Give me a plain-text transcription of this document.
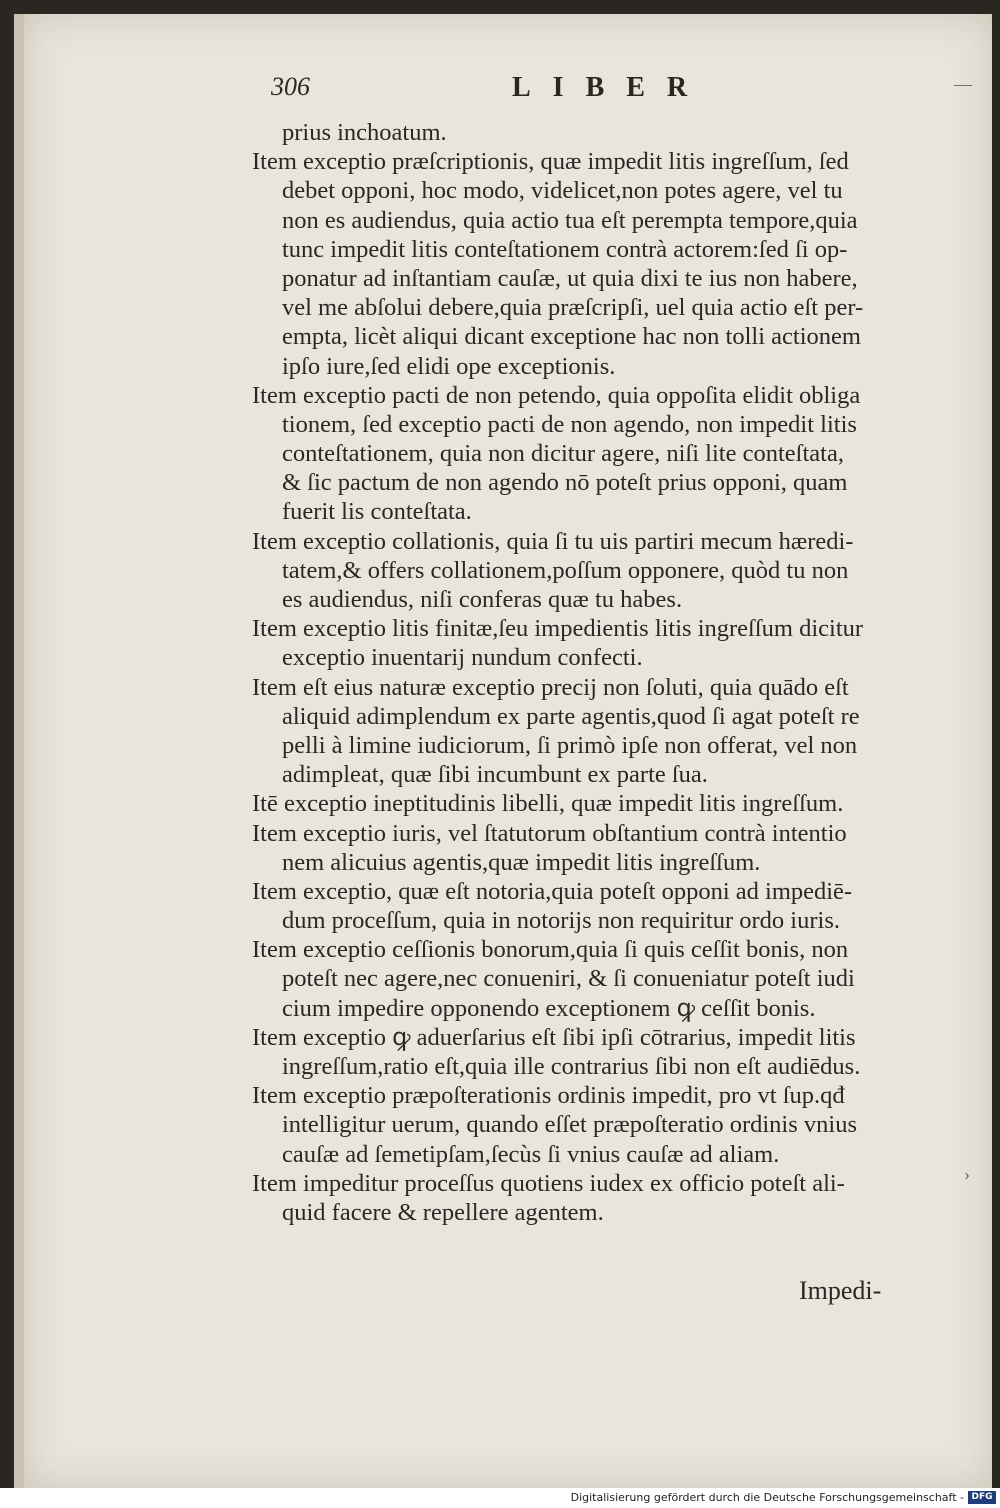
306	LIBER
prius inchoatum.
Item exceptio præſcriptionis, quæ impedit litis ingreſſum, ſed
debet opponi, hoc modo, videlicet,non potes agere, vel tu
non es audiendus, quia actio tua eſt perempta tempore,quia
tunc impedit litis conteſtationem contrà actorem:ſed ſi op-
ponatur ad inſtantiam cauſæ, ut quia dixi te ius non habere,
vel me abſolui debere,quia præſcripſi, uel quia actio eſt per-
empta, licèt aliqui dicant exceptione hac non tolli actionem
ipſo iure,ſed elidi ope exceptionis.
Item exceptio pacti de non petendo, quia oppoſita elidit obliga
tionem, ſed exceptio pacti de non agendo, non impedit litis
conteſtationem, quia non dicitur agere, niſi lite conteſtata,
& ſic pactum de non agendo nō poteſt prius opponi, quam
fuerit lis conteſtata.
Item exceptio collationis, quia ſi tu uis partiri mecum hæredi-
tatem,& offers collationem,poſſum opponere, quòd tu non
es audiendus, niſi conferas quæ tu habes.
Item exceptio litis finitæ,ſeu impedientis litis ingreſſum dicitur
exceptio inuentarij nundum confecti.
Item eſt eius naturæ exceptio precij non ſoluti, quia quādo eſt
aliquid adimplendum ex parte agentis,quod ſi agat poteſt re
pelli à limine iudiciorum, ſi primò ipſe non offerat, vel non
adimpleat, quæ ſibi incumbunt ex parte ſua.
Itē exceptio ineptitudinis libelli, quæ impedit litis ingreſſum.
Item exceptio iuris, vel ſtatutorum obſtantium contrà intentio
nem alicuius agentis,quæ impedit litis ingreſſum.
Item exceptio, quæ eſt notoria,quia poteſt opponi ad impediē-
dum proceſſum, quia in notorijs non requiritur ordo iuris.
Item exceptio ceſſionis bonorum,quia ſi quis ceſſit bonis, non
poteſt nec agere,nec conueniri, & ſi conueniatur poteſt iudi
cium impedire opponendo exceptionem ꝙ ceſſit bonis.
Item exceptio ꝙ aduerſarius eſt ſibi ipſi cōtrarius, impedit litis
ingreſſum,ratio eſt,quia ille contrarius ſibi non eſt audiēdus.
Item exceptio præpoſterationis ordinis impedit, pro vt ſup.qđ
intelligitur uerum, quando eſſet præpoſteratio ordinis vnius
cauſæ ad ſemetipſam,ſecùs ſi vnius cauſæ ad aliam.
Item impeditur proceſſus quotiens iudex ex officio poteſt ali-
quid facere & repellere agentem.
Impedi-
—
›
Digitalisierung gefördert durch die Deutsche Forschungsgemeinschaft - DFG
